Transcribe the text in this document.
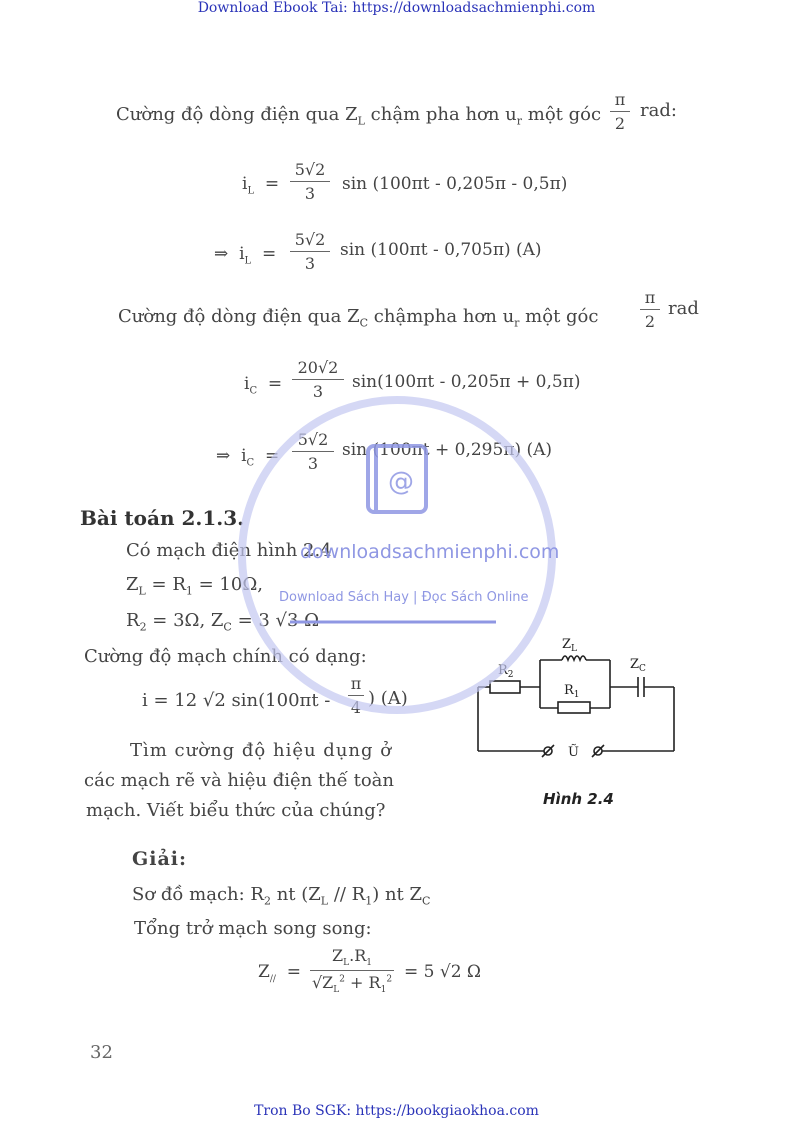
Download Ebook Tai: https://downloadsachmienphi.com
Tron Bo SGK: https://bookgiaokhoa.com
Cường độ dòng điện qua $Z_L$ chậm pha hơn $u_r$ một góc
π
2
rad:
$i_L$ =
5√2
3	sin (100πt - 0,205π - 0,5π)
⇒ $i_L$ =
5√2
3
sin (100πt - 0,705π) (A)
Cường độ dòng điện qua $Z_C$ chậmpha hơn $u_r$ một góc
π
2
rad
$i_C$ =
20√2
3	sin(100πt - 0,205π + 0,5π)
⇒ $i_C$ =
5√2
3
sin (100πt + 0,295π) (A)
Bài toán 2.1.3.
Có mạch điện hình 2.4
$Z_L = R_1 = 10\Omega$,
$R_2 = 3\Omega$, $Z_C = 3$ √3 Ω
Cường độ mạch chính có dạng:
i = 12 √2 sin(100πt -
π
4 ) (A)
Tìm cường độ hiệu dụng ở
các mạch rẽ và hiệu điện thế toàn
mạch. Viết biểu thức của chúng?
$R_2$
$Z_L$
$Z_C$
$R_1$
Ũ
Hình 2.4
Giải:
Sơ đồ mạch: $R_2$ nt $(Z_L // R_1)$ nt $Z_C$
Tổng trở mạch song song:
$Z_{//}$ =
$Z_L.R_1$
$√Z_L^2 + R_1^2 = 5$ √2 Ω
32
@
downloadsachmienphi.com
Download Sách Hay | Đọc Sách Online
